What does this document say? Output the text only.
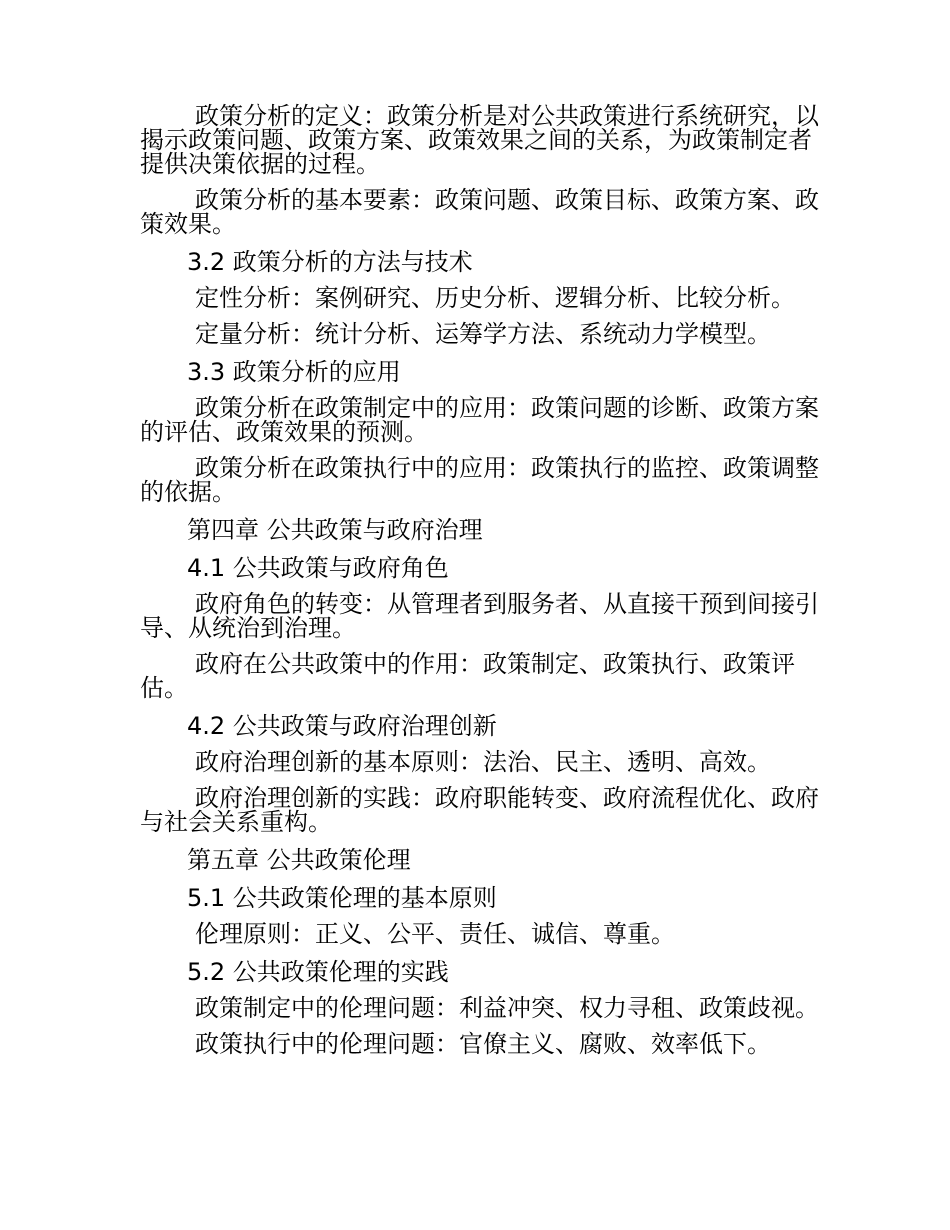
政策分析的定义：政策分析是对公共政策进行系统研究，以揭示政策问题、政策方案、政策效果之间的关系，为政策制定者提供决策依据的过程。

政策分析的基本要素：政策问题、政策目标、政策方案、政策效果。

3.2 政策分析的方法与技术

定性分析：案例研究、历史分析、逻辑分析、比较分析。

定量分析：统计分析、运筹学方法、系统动力学模型。

3.3 政策分析的应用

政策分析在政策制定中的应用：政策问题的诊断、政策方案的评估、政策效果的预测。

政策分析在政策执行中的应用：政策执行的监控、政策调整的依据。

第四章 公共政策与政府治理
4.1 公共政策与政府角色

政府角色的转变：从管理者到服务者、从直接干预到间接引导、从统治到治理。

政府在公共政策中的作用：政策制定、政策执行、政策评估。

4.2 公共政策与政府治理创新

政府治理创新的基本原则：法治、民主、透明、高效。

政府治理创新的实践：政府职能转变、政府流程优化、政府与社会关系重构。

第五章 公共政策伦理
5.1 公共政策伦理的基本原则

伦理原则：正义、公平、责任、诚信、尊重。

5.2 公共政策伦理的实践

政策制定中的伦理问题：利益冲突、权力寻租、政策歧视。

政策执行中的伦理问题：官僚主义、腐败、效率低下。
